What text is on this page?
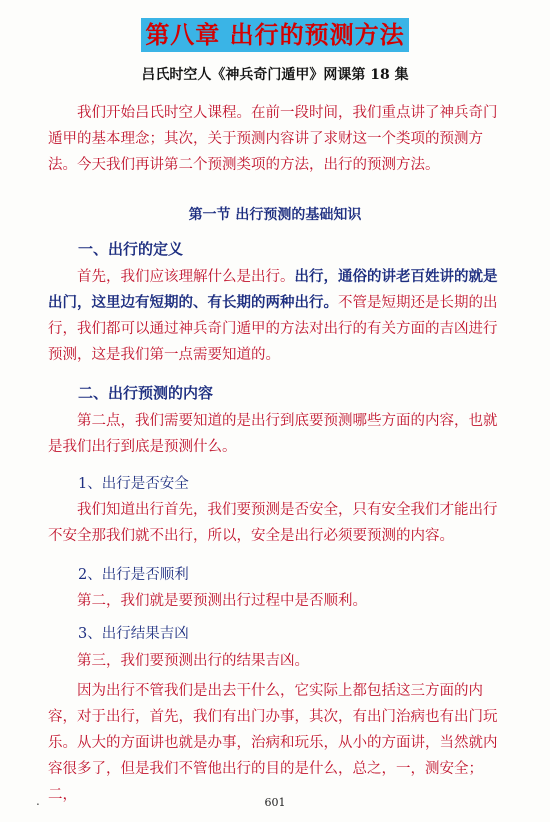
第八章 出行的预测方法
吕氏时空人《神兵奇门遁甲》网课第 18 集

我们开始吕氏时空人课程。在前一段时间，我们重点讲了神兵奇门遁甲的基本理念；其次，关于预测内容讲了求财这一个类项的预测方法。今天我们再讲第二个预测类项的方法，出行的预测方法。

第一节 出行预测的基础知识
一、出行的定义

首先，我们应该理解什么是出行。出行，通俗的讲老百姓讲的就是出门，这里边有短期的、有长期的两种出行。不管是短期还是长期的出行，我们都可以通过神兵奇门遁甲的方法对出行的有关方面的吉凶进行预测，这是我们第一点需要知道的。

二、出行预测的内容

第二点，我们需要知道的是出行到底要预测哪些方面的内容，也就是我们出行到底是预测什么。

1、出行是否安全

我们知道出行首先，我们要预测是否安全，只有安全我们才能出行不安全那我们就不出行，所以，安全是出行必须要预测的内容。

2、出行是否顺利

第二，我们就是要预测出行过程中是否顺利。

3、出行结果吉凶

第三，我们要预测出行的结果吉凶。

因为出行不管我们是出去干什么，它实际上都包括这三方面的内容，对于出行，首先，我们有出门办事，其次，有出门治病也有出门玩乐。从大的方面讲也就是办事，治病和玩乐，从小的方面讲，当然就内容很多了，但是我们不管他出行的目的是什么，总之，一，测安全；二，

.	601
